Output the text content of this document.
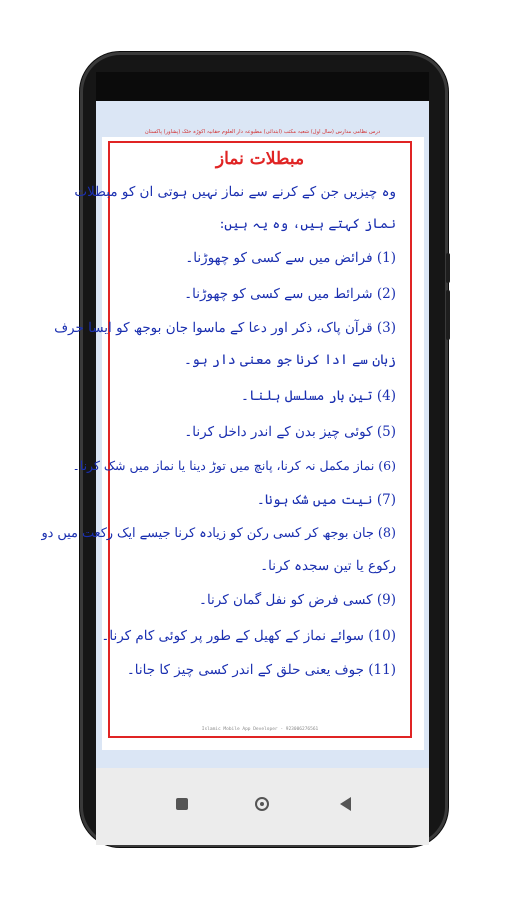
درس نظامی مدارس (سال اول) شعبہ مکتب (ابتدائی) مطبوعہ دار العلوم حقانیہ اکوڑہ خٹک (پشاور) پاکستان
مبطلات نماز
وہ چیزیں جن کے کرنے سے نماز نہیں ہوتی ان کو مبطلات
نماز کہتے ہیں، وہ یہ ہیں:
(1) فرائض میں سے کسی کو چھوڑنا۔
(2) شرائط میں سے کسی کو چھوڑنا۔
(3) قرآن پاک، ذکر اور دعا کے ماسوا جان بوجھ کو ایسا حرف
زبان سے ادا کرنا جو معنی دار ہو۔
(4) تین بار مسلسل ہلنا۔
(5) کوئی چیز بدن کے اندر داخل کرنا۔
(6) نماز مکمل نہ کرنا، پانچ میں توڑ دینا یا نماز میں شک کرنا۔
(7) نیت میں شک ہونا۔
(8) جان بوجھ کر کسی رکن کو زیادہ کرنا جیسے ایک رکعت میں دو
رکوع یا تین سجدہ کرنا۔
(9) کسی فرض کو نفل گمان کرنا۔
(10) سوائے نماز کے کھیل کے طور پر کوئی کام کرنا۔
(11) جوف یعنی حلق کے اندر کسی چیز کا جانا۔
Islamic Mobile App Developer - 923006276561
